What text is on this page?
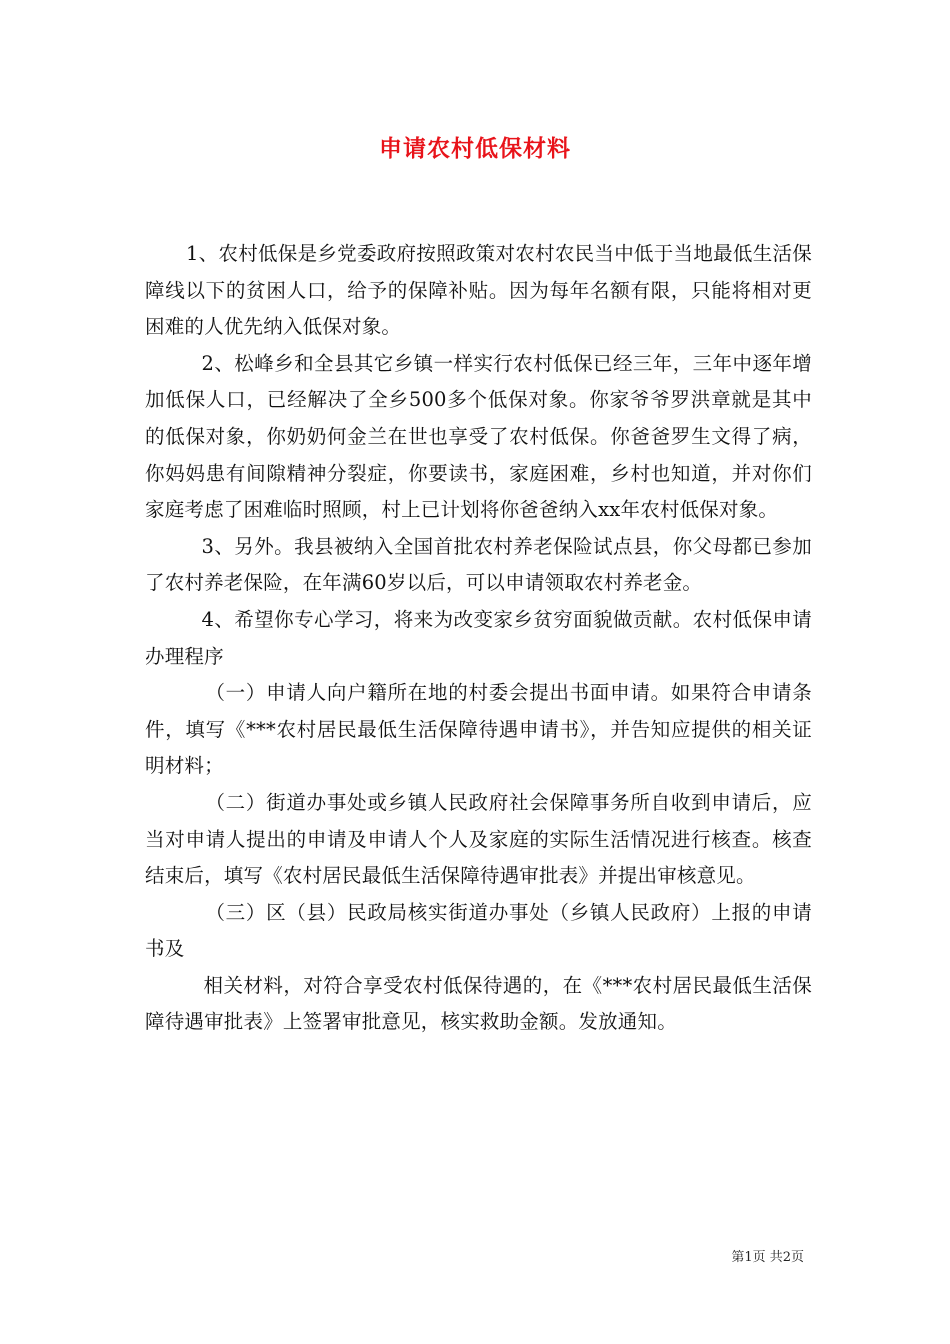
申请农村低保材料

1、农村低保是乡党委政府按照政策对农村农民当中低于当地最低生活保障线以下的贫困人口，给予的保障补贴。因为每年名额有限，只能将相对更困难的人优先纳入低保对象。

2、松峰乡和全县其它乡镇一样实行农村低保已经三年，三年中逐年增加低保人口，已经解决了全乡500多个低保对象。你家爷爷罗洪章就是其中的低保对象，你奶奶何金兰在世也享受了农村低保。你爸爸罗生文得了病，你妈妈患有间隙精神分裂症，你要读书，家庭困难，乡村也知道，并对你们家庭考虑了困难临时照顾，村上已计划将你爸爸纳入xx年农村低保对象。

3、另外。我县被纳入全国首批农村养老保险试点县，你父母都已参加了农村养老保险，在年满60岁以后，可以申请领取农村养老金。

4、希望你专心学习，将来为改变家乡贫穷面貌做贡献。农村低保申请办理程序

（一）申请人向户籍所在地的村委会提出书面申请。如果符合申请条件，填写《***农村居民最低生活保障待遇申请书》，并告知应提供的相关证明材料；

（二）街道办事处或乡镇人民政府社会保障事务所自收到申请后，应当对申请人提出的申请及申请人个人及家庭的实际生活情况进行核查。核查结束后，填写《农村居民最低生活保障待遇审批表》并提出审核意见。

（三）区（县）民政局核实街道办事处（乡镇人民政府）上报的申请书及

相关材料，对符合享受农村低保待遇的，在《***农村居民最低生活保障待遇审批表》上签署审批意见，核实救助金额。发放通知。

第1页 共2页
